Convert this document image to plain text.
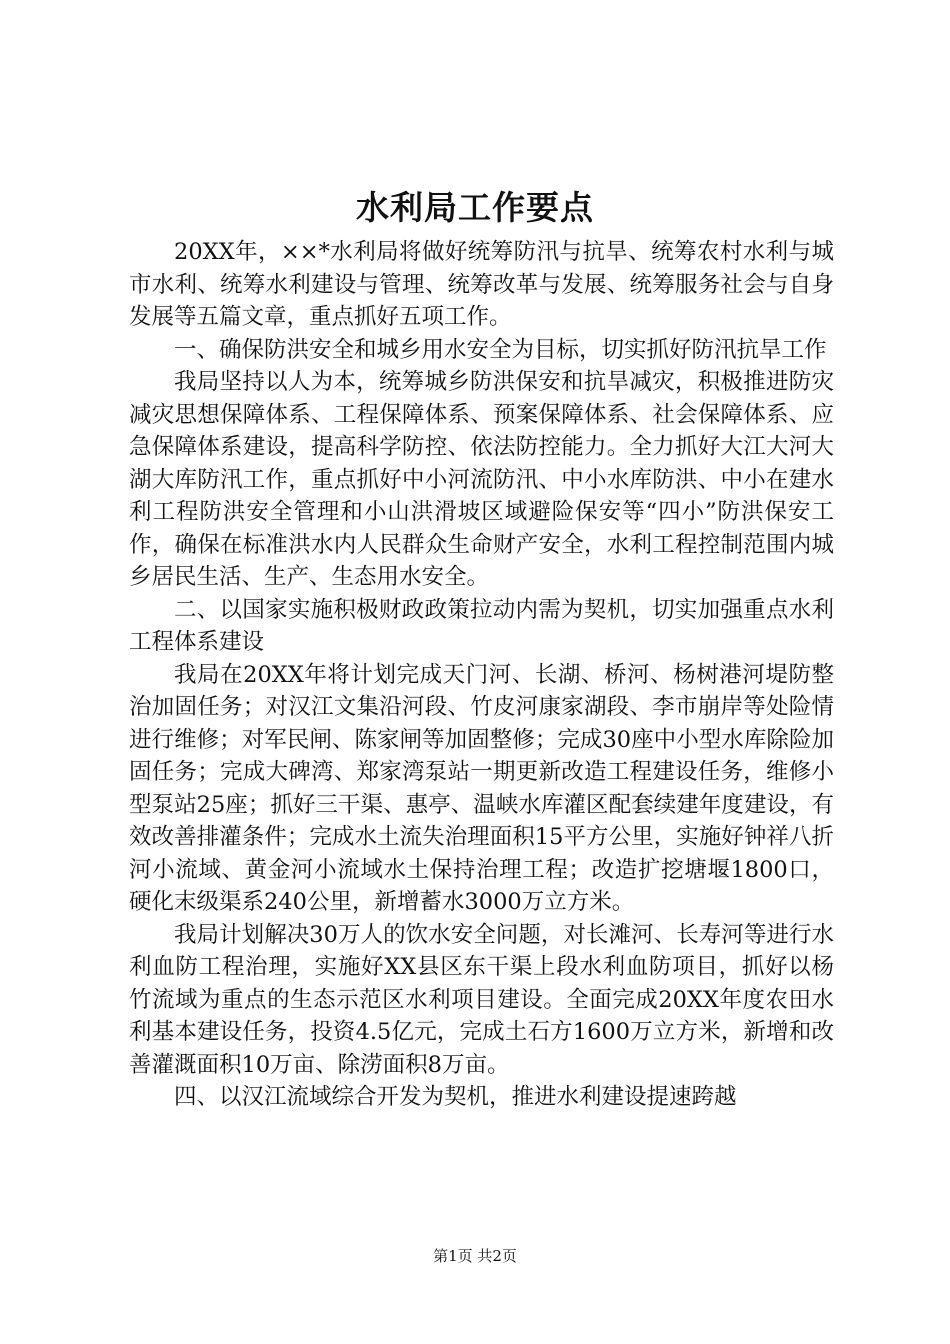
水利局工作要点

20XX年，××*水利局将做好统筹防汛与抗旱、统筹农村水利与城市水利、统筹水利建设与管理、统筹改革与发展、统筹服务社会与自身发展等五篇文章，重点抓好五项工作。

一、确保防洪安全和城乡用水安全为目标，切实抓好防汛抗旱工作

我局坚持以人为本，统筹城乡防洪保安和抗旱减灾，积极推进防灾减灾思想保障体系、工程保障体系、预案保障体系、社会保障体系、应急保障体系建设，提高科学防控、依法防控能力。全力抓好大江大河大湖大库防汛工作，重点抓好中小河流防汛、中小水库防洪、中小在建水利工程防洪安全管理和小山洪滑坡区域避险保安等“四小”防洪保安工作，确保在标准洪水内人民群众生命财产安全，水利工程控制范围内城乡居民生活、生产、生态用水安全。

二、以国家实施积极财政政策拉动内需为契机，切实加强重点水利工程体系建设

我局在20XX年将计划完成天门河、长湖、桥河、杨树港河堤防整治加固任务；对汉江文集沿河段、竹皮河康家湖段、李市崩岸等处险情进行维修；对军民闸、陈家闸等加固整修；完成30座中小型水库除险加固任务；完成大碑湾、郑家湾泵站一期更新改造工程建设任务，维修小型泵站25座；抓好三干渠、惠亭、温峡水库灌区配套续建年度建设，有效改善排灌条件；完成水土流失治理面积15平方公里，实施好钟祥八折河小流域、黄金河小流域水土保持治理工程；改造扩挖塘堰1800口，硬化末级渠系240公里，新增蓄水3000万立方米。

我局计划解决30万人的饮水安全问题，对长滩河、长寿河等进行水利血防工程治理，实施好XX县区东干渠上段水利血防项目，抓好以杨竹流域为重点的生态示范区水利项目建设。全面完成20XX年度农田水利基本建设任务，投资4.5亿元，完成土石方1600万立方米，新增和改善灌溉面积10万亩、除涝面积8万亩。

四、以汉江流域综合开发为契机，推进水利建设提速跨越

第1页 共2页
